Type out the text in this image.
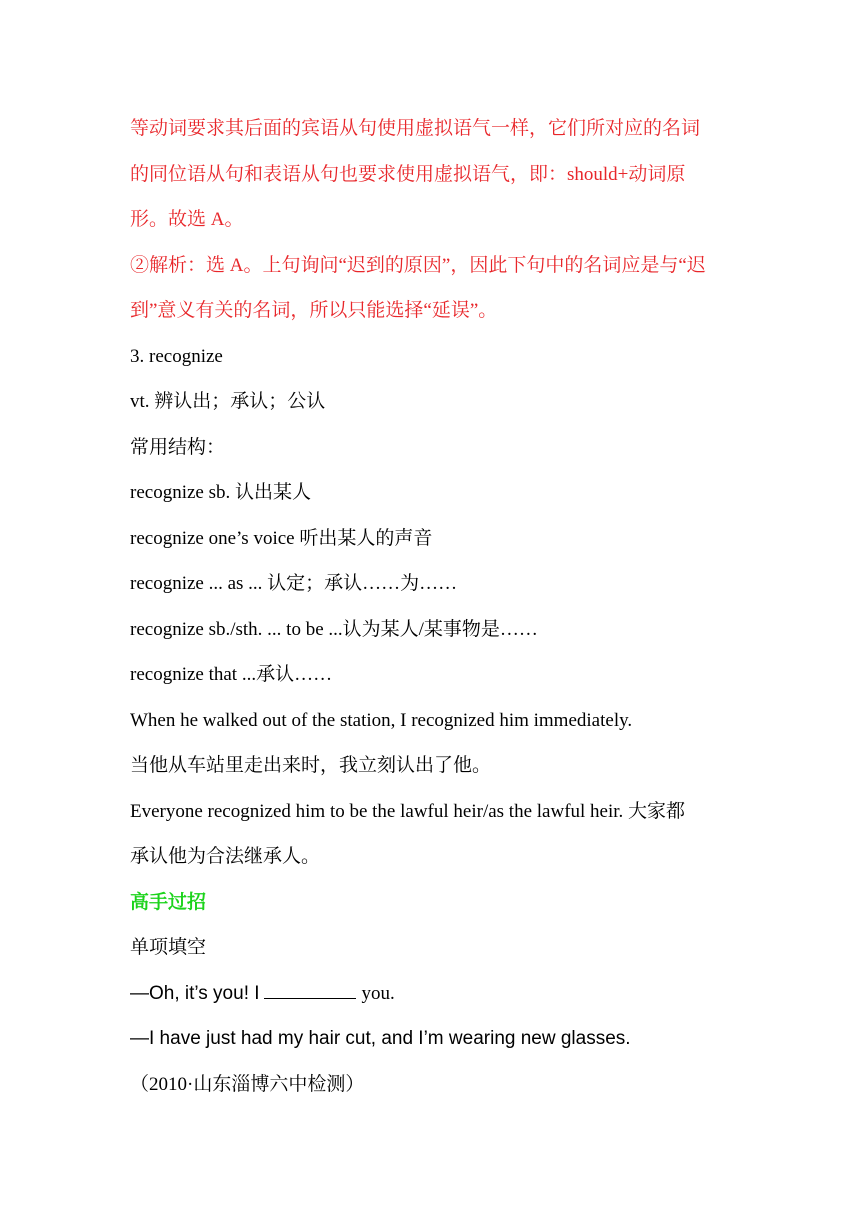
等动词要求其后面的宾语从句使用虚拟语气一样，它们所对应的名词
的同位语从句和表语从句也要求使用虚拟语气，即：should+动词原
形。故选 A。
②解析：选 A。上句询问“迟到的原因”，因此下句中的名词应是与“迟
到”意义有关的名词，所以只能选择“延误”。
3. recognize
vt. 辨认出；承认；公认
常用结构：
recognize sb. 认出某人
recognize one’s voice 听出某人的声音
recognize ... as ... 认定；承认……为……
recognize sb./sth. ... to be ...认为某人/某事物是……
recognize that ...承认……
When he walked out of the station, I recognized him immediately.
当他从车站里走出来时，我立刻认出了他。
Everyone recognized him to be the lawful heir/as the lawful heir. 大家都
承认他为合法继承人。
高手过招
单项填空
—Oh, it’s you! I	you.
—I have just had my hair cut, and I’m wearing new glasses.
（2010·山东淄博六中检测）
